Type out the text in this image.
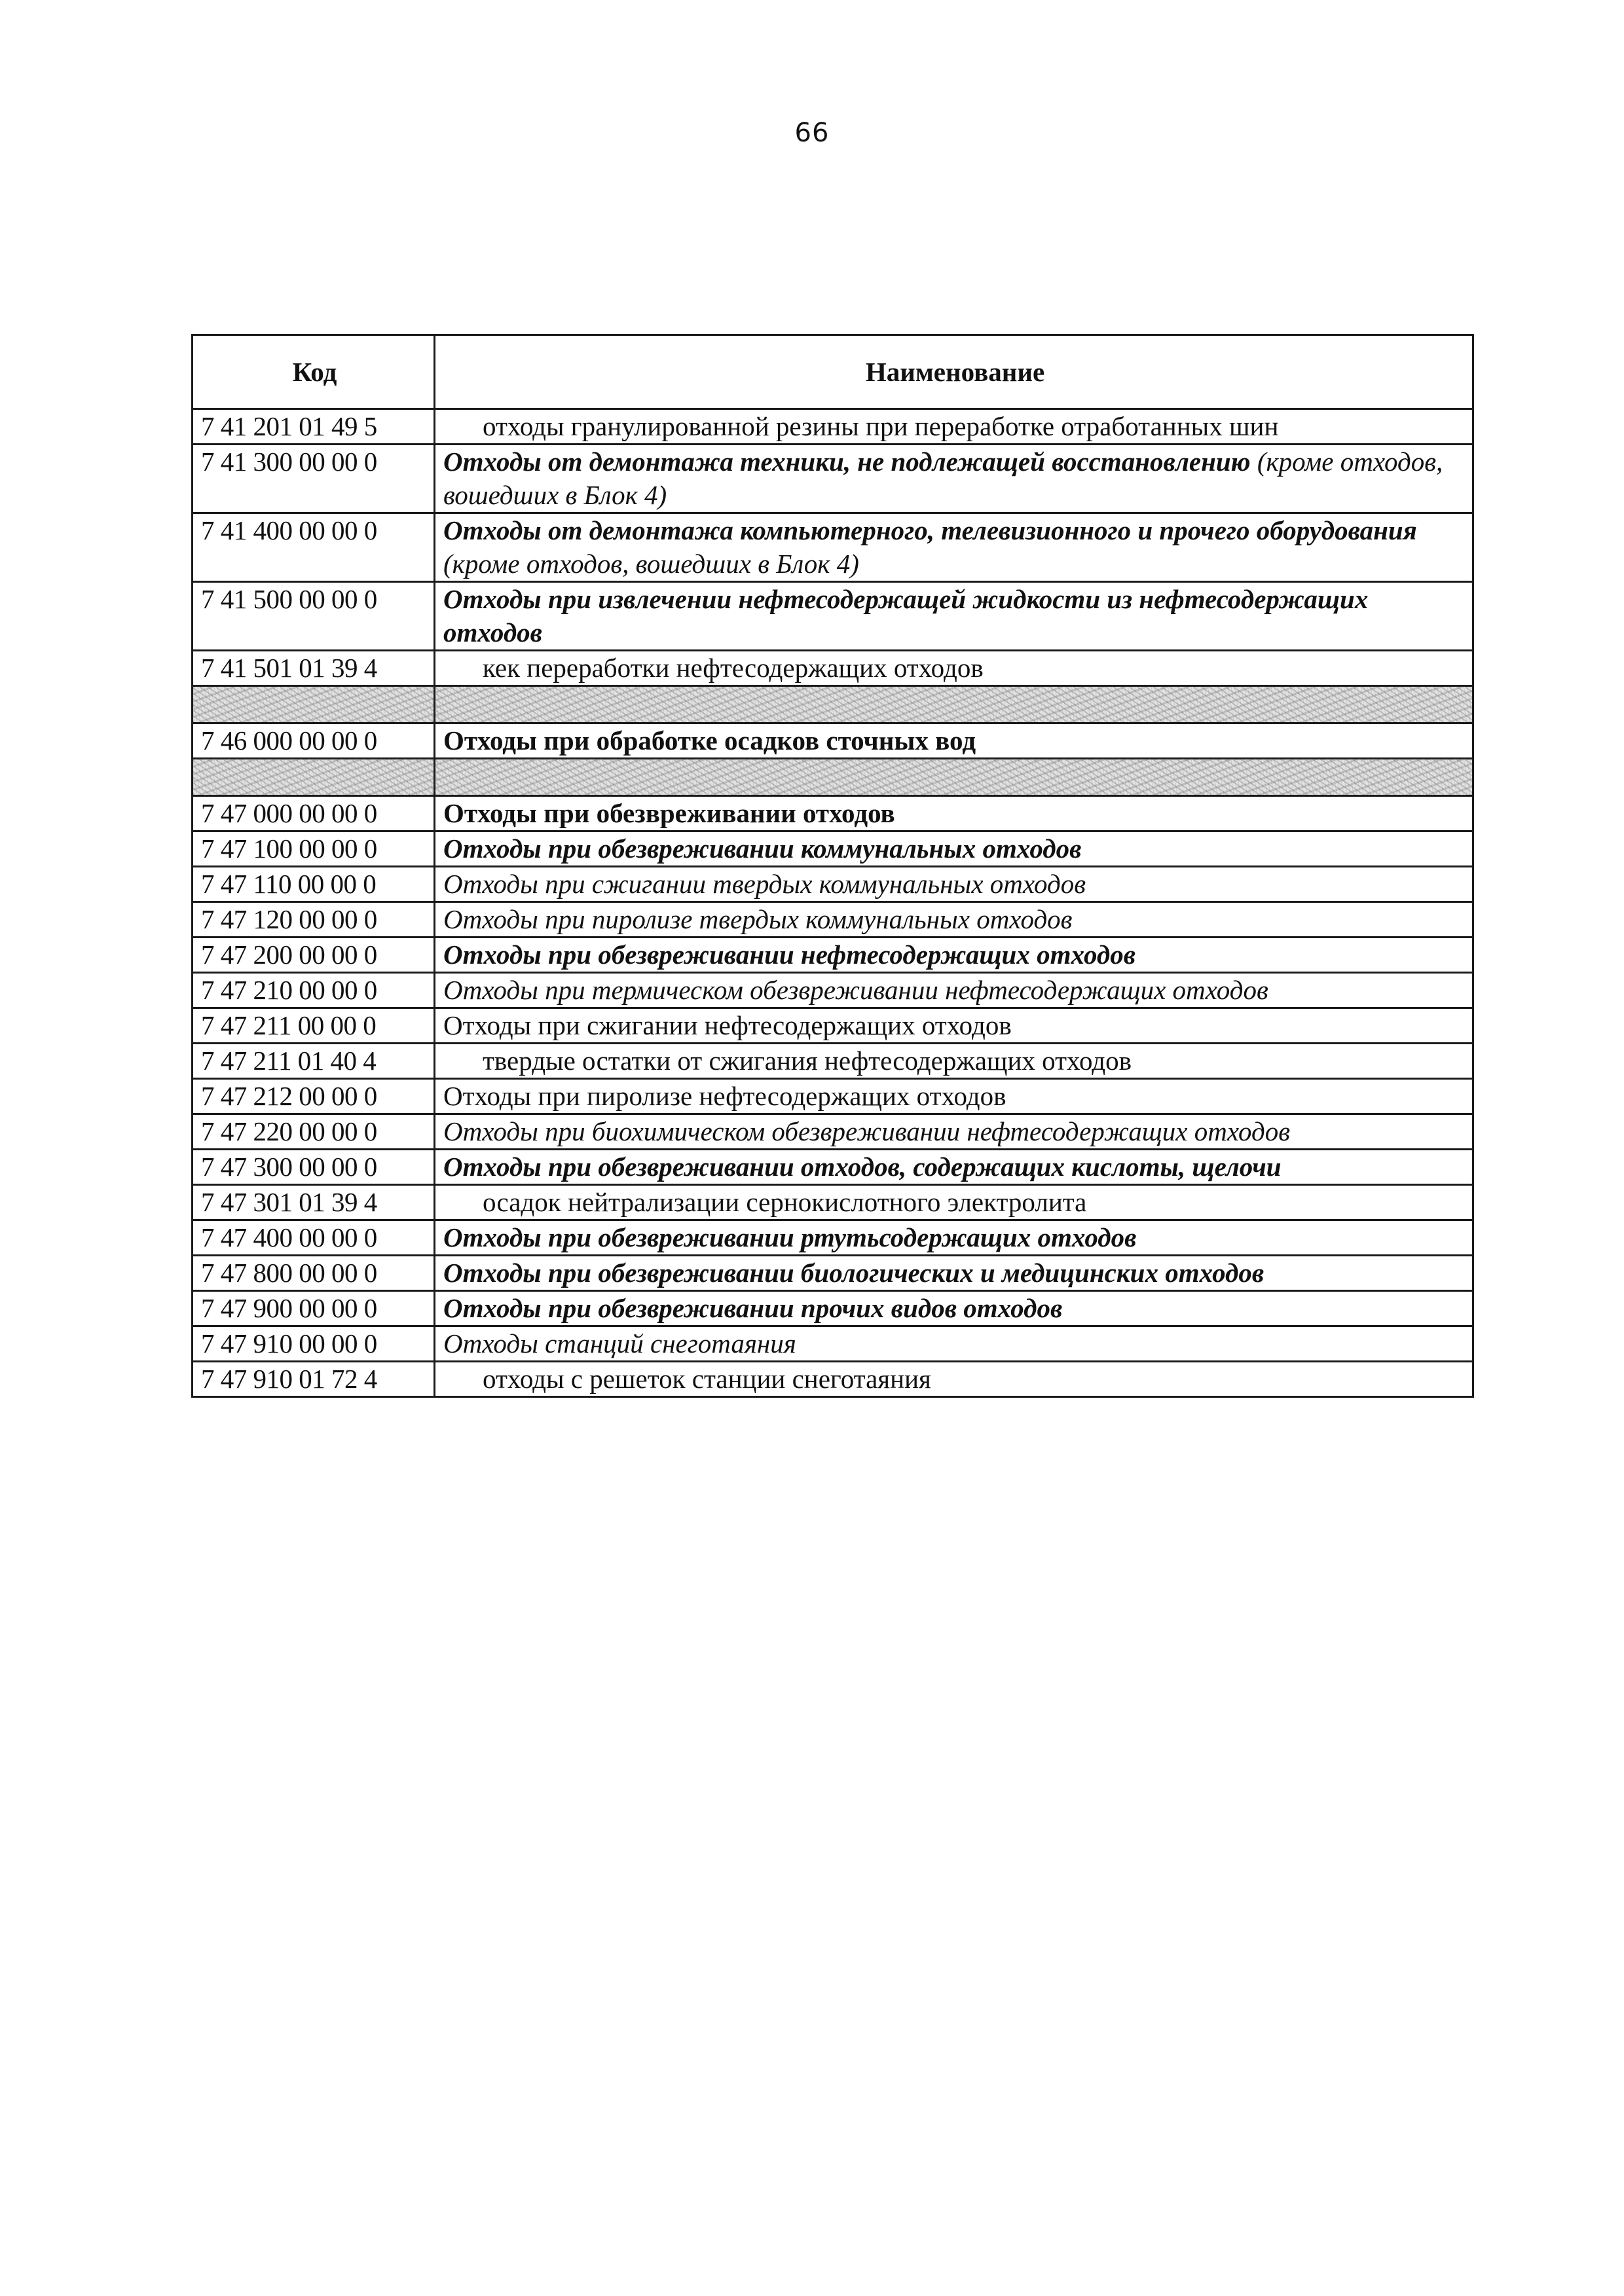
66
Код	Наименование
7 41 201 01 49 5	отходы гранулированной резины при переработке отработанных шин
7 41 300 00 00 0	Отходы от демонтажа техники, не подлежащей восстановлению (кроме отходов, вошедших в Блок 4)
7 41 400 00 00 0	Отходы от демонтажа компьютерного, телевизионного и прочего оборудования (кроме отходов, вошедших в Блок 4)
7 41 500 00 00 0	Отходы при извлечении нефтесодержащей жидкости из нефтесодержащих отходов
7 41 501 01 39 4	кек переработки нефтесодержащих отходов

7 46 000 00 00 0	Отходы при обработке осадков сточных вод

7 47 000 00 00 0	Отходы при обезвреживании отходов
7 47 100 00 00 0	Отходы при обезвреживании коммунальных отходов
7 47 110 00 00 0	Отходы при сжигании твердых коммунальных отходов
7 47 120 00 00 0	Отходы при пиролизе твердых коммунальных отходов
7 47 200 00 00 0	Отходы при обезвреживании нефтесодержащих отходов
7 47 210 00 00 0	Отходы при термическом обезвреживании нефтесодержащих отходов
7 47 211 00 00 0	Отходы при сжигании нефтесодержащих отходов
7 47 211 01 40 4	твердые остатки от сжигания нефтесодержащих отходов
7 47 212 00 00 0	Отходы при пиролизе нефтесодержащих отходов
7 47 220 00 00 0	Отходы при биохимическом обезвреживании нефтесодержащих отходов
7 47 300 00 00 0	Отходы при обезвреживании отходов, содержащих кислоты, щелочи
7 47 301 01 39 4	осадок нейтрализации сернокислотного электролита
7 47 400 00 00 0	Отходы при обезвреживании ртутьсодержащих отходов
7 47 800 00 00 0	Отходы при обезвреживании биологических и медицинских отходов
7 47 900 00 00 0	Отходы при обезвреживании прочих видов отходов
7 47 910 00 00 0	Отходы станций снеготаяния
7 47 910 01 72 4	отходы с решеток станции снеготаяния
